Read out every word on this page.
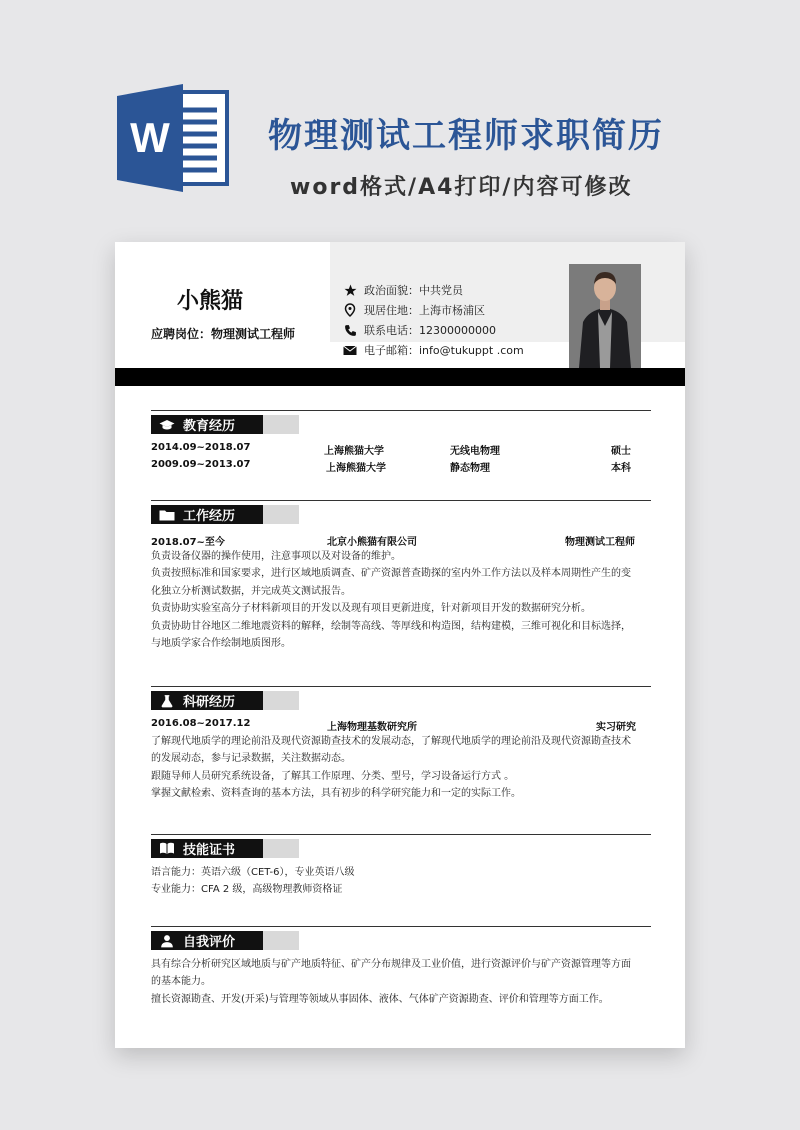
W	物理测试工程师求职简历
word格式/A4打印/内容可修改
小熊猫
应聘岗位：物理测试工程师
政治面貌：中共党员
现居住地：上海市杨浦区
联系电话：12300000000
电子邮箱：info@tukuppt .com
教育经历
2014.09~2018.07	上海熊猫大学	无线电物理	硕士
2009.09~2013.07	上海熊猫大学	静态物理	本科
工作经历
2018.07~至今	北京小熊猫有限公司	物理测试工程师
负责设备仪器的操作使用，注意事项以及对设备的维护。
负责按照标准和国家要求，进行区域地质调查、矿产资源普查勘探的室内外工作方法以及样本周期性产生的变
化独立分析测试数据，并完成英文测试报告。
负责协助实验室高分子材料新项目的开发以及现有项目更新进度，针对新项目开发的数据研究分析。
负责协助甘谷地区二维地震资料的解释，绘制等高线、等厚线和构造图，结构建模，三维可视化和目标选择，
与地质学家合作绘制地质图形。
科研经历
2016.08~2017.12	上海物理基数研究所	实习研究
了解现代地质学的理论前沿及现代资源勘查技术的发展动态，了解现代地质学的理论前沿及现代资源勘查技术
的发展动态，参与记录数据，关注数据动态。
跟随导师人员研究系统设备，了解其工作原理、分类、型号，学习设备运行方式 。
掌握文献检索、资料查询的基本方法，具有初步的科学研究能力和一定的实际工作。
技能证书
语言能力：英语六级（CET-6），专业英语八级
专业能力：CFA 2 级，高级物理教师资格证
自我评价
具有综合分析研究区域地质与矿产地质特征、矿产分布规律及工业价值，进行资源评价与矿产资源管理等方面
的基本能力。
擅长资源勘查、开发(开采)与管理等领域从事固体、液体、气体矿产资源勘查、评价和管理等方面工作。
